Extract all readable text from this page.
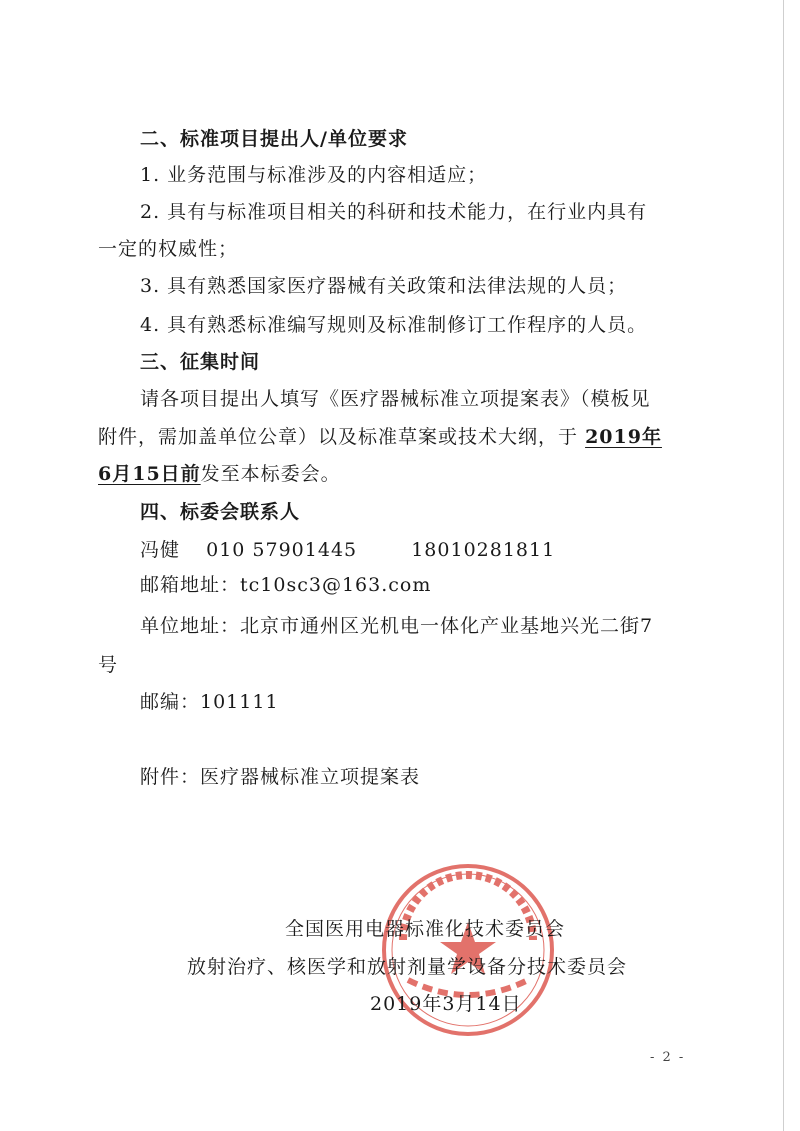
二、标准项目提出人/单位要求
1. 业务范围与标准涉及的内容相适应；
2. 具有与标准项目相关的科研和技术能力，在行业内具有
一定的权威性；
3. 具有熟悉国家医疗器械有关政策和法律法规的人员；
4. 具有熟悉标准编写规则及标准制修订工作程序的人员。
三、征集时间
请各项目提出人填写《医疗器械标准立项提案表》（模板见
附件，需加盖单位公章）以及标准草案或技术大纲，于 2019年
6月15日前发至本标委会。
四、标委会联系人
冯健 010 57901445	18010281811
邮箱地址：tc10sc3@163.com
单位地址：北京市通州区光机电一体化产业基地兴光二街7
号
邮编：101111
附件：医疗器械标准立项提案表
全国医用电器标准化技术委员会
放射治疗、核医学和放射剂量学设备分技术委员会
2019年3月14日
- 2 -
